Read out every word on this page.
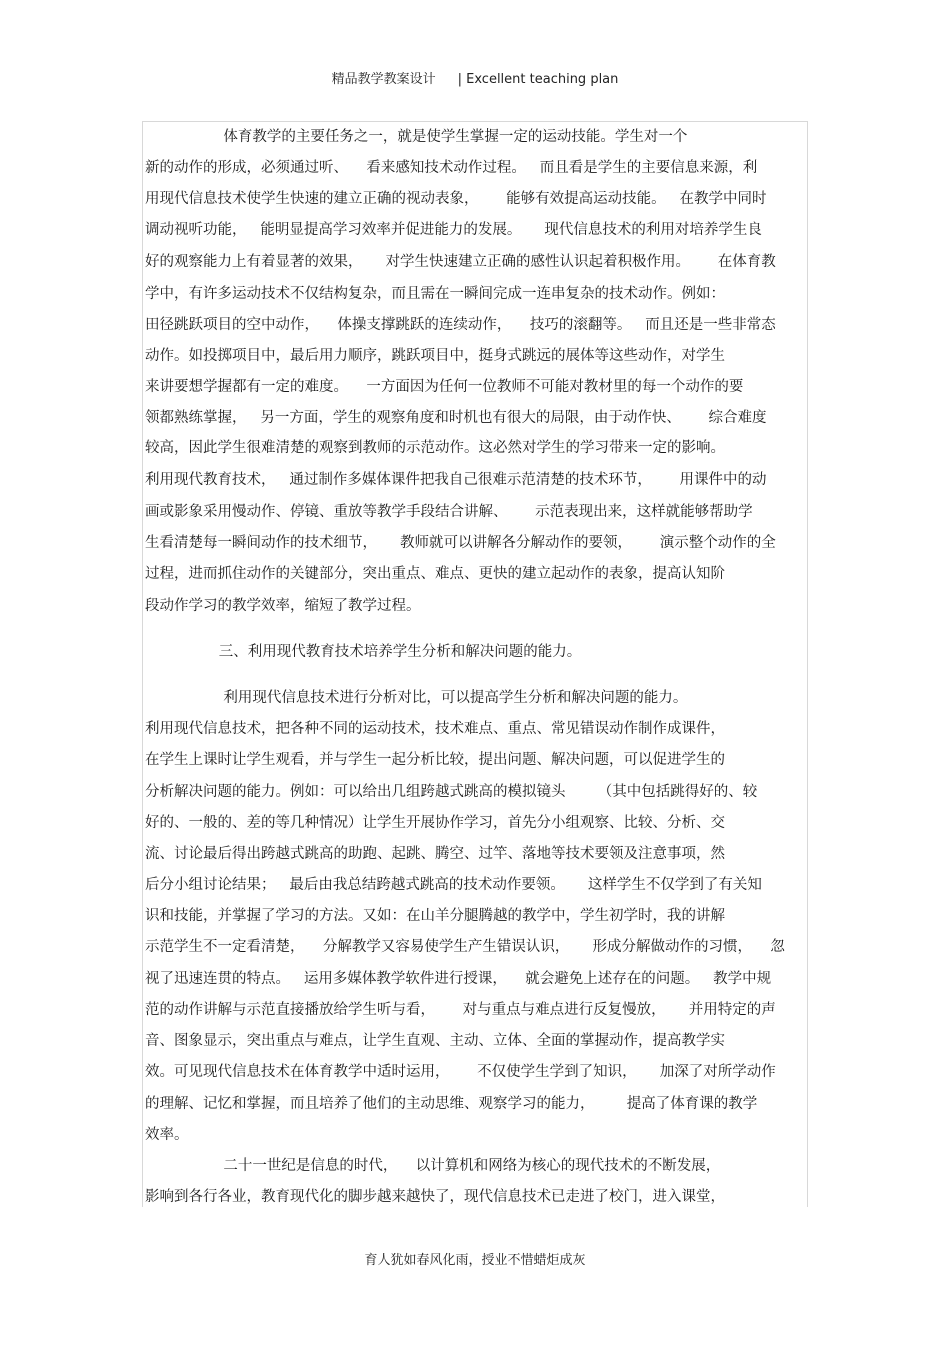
精品教学教案设计 | Excellent teaching plan
体育教学的主要任务之一，就是使学生掌握一定的运动技能。学生对一个
新的动作的形成，必须通过听、    看来感知技术动作过程。   而且看是学生的主要信息来源，利
用现代信息技术使学生快速的建立正确的视动表象，      能够有效提高运动技能。   在教学中同时
调动视听功能，   能明显提高学习效率并促进能力的发展。     现代信息技术的利用对培养学生良
好的观察能力上有着显著的效果，     对学生快速建立正确的感性认识起着积极作用。      在体育教
学中，有许多运动技术不仅结构复杂，而且需在一瞬间完成一连串复杂的技术动作。例如：
田径跳跃项目的空中动作，    体操支撑跳跃的连续动作，    技巧的滚翻等。   而且还是一些非常态
动作。如投掷项目中，最后用力顺序，跳跃项目中，挺身式跳远的展体等这些动作，对学生
来讲要想学握都有一定的难度。    一方面因为任何一位教师不可能对教材里的每一个动作的要
领都熟练掌握，   另一方面，学生的观察角度和时机也有很大的局限，由于动作快、      综合难度
较高，因此学生很难清楚的观察到教师的示范动作。这必然对学生的学习带来一定的影响。
利用现代教育技术，   通过制作多媒体课件把我自己很难示范清楚的技术环节，      用课件中的动
画或影象采用慢动作、停镜、重放等教学手段结合讲解、      示范表现出来，这样就能够帮助学
生看清楚每一瞬间动作的技术细节，     教师就可以讲解各分解动作的要领，      演示整个动作的全
过程，进而抓住动作的关键部分，突出重点、难点、更快的建立起动作的表象，提高认知阶
段动作学习的教学效率，缩短了教学过程。
三、利用现代教育技术培养学生分析和解决问题的能力。
利用现代信息技术进行分析对比，可以提高学生分析和解决问题的能力。
利用现代信息技术，把各种不同的运动技术，技术难点、重点、常见错误动作制作成课件，
在学生上课时让学生观看，并与学生一起分析比较，提出问题、解决问题，可以促进学生的
分析解决问题的能力。例如：可以给出几组跨越式跳高的模拟镜头       （其中包括跳得好的、较
好的、一般的、差的等几种情况）让学生开展协作学习，首先分小组观察、比较、分析、交
流、讨论最后得出跨越式跳高的助跑、起跳、腾空、过竿、落地等技术要领及注意事项，然
后分小组讨论结果；   最后由我总结跨越式跳高的技术动作要领。     这样学生不仅学到了有关知
识和技能，并掌握了学习的方法。又如：在山羊分腿腾越的教学中，学生初学时，我的讲解
示范学生不一定看清楚，    分解教学又容易使学生产生错误认识，     形成分解做动作的习惯，    忽
视了迅速连贯的特点。   运用多媒体教学软件进行授课，    就会避免上述存在的问题。   教学中规
范的动作讲解与示范直接播放给学生听与看，      对与重点与难点进行反复慢放，     并用特定的声
音、图象显示，突出重点与难点，让学生直观、主动、立体、全面的掌握动作，提高教学实
效。可见现代信息技术在体育教学中适时运用，      不仅使学生学到了知识，     加深了对所学动作
的理解、记忆和掌握，而且培养了他们的主动思维、观察学习的能力，       提高了体育课的教学
效率。
二十一世纪是信息的时代，    以计算机和网络为核心的现代技术的不断发展，
影响到各行各业，教育现代化的脚步越来越快了，现代信息技术已走进了校门，进入课堂，
育人犹如春风化雨，授业不惜蜡炬成灰
